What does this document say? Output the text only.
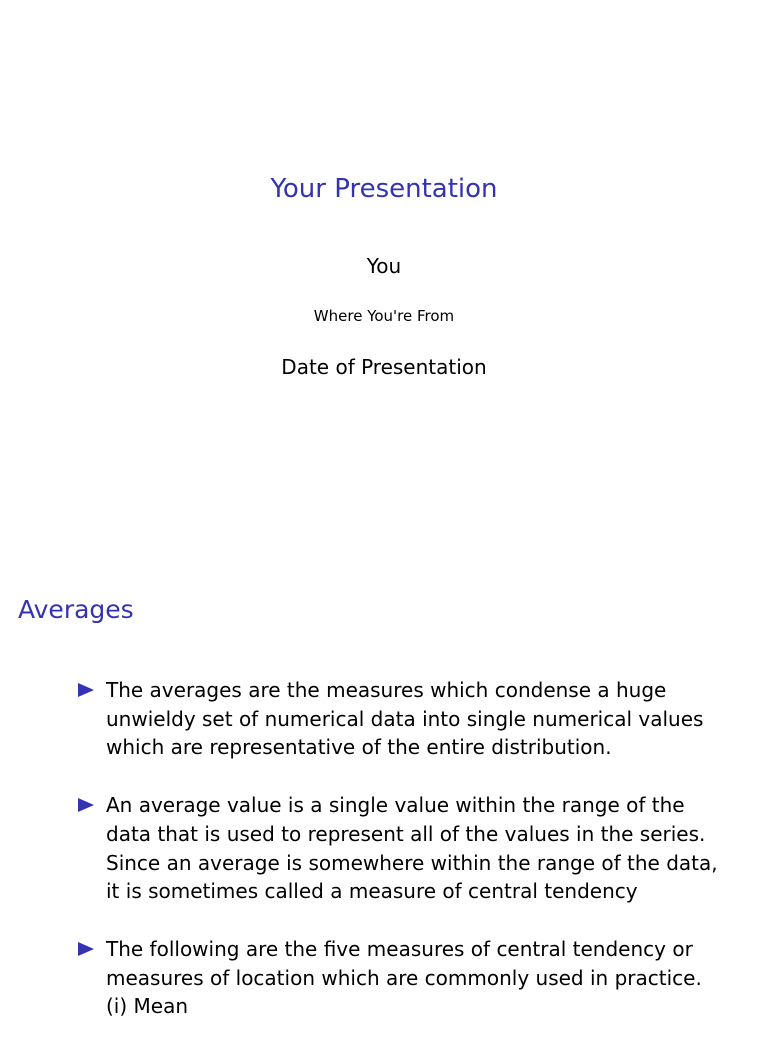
Your Presentation
You
Where You're From
Date of Presentation
Averages
The averages are the measures which condense a huge unwieldy set of numerical data into single numerical values which are representative of the entire distribution.
An average value is a single value within the range of the data that is used to represent all of the values in the series. Since an average is somewhere within the range of the data, it is sometimes called a measure of central tendency
The following are the five measures of central tendency or measures of location which are commonly used in practice.
(i) Mean
